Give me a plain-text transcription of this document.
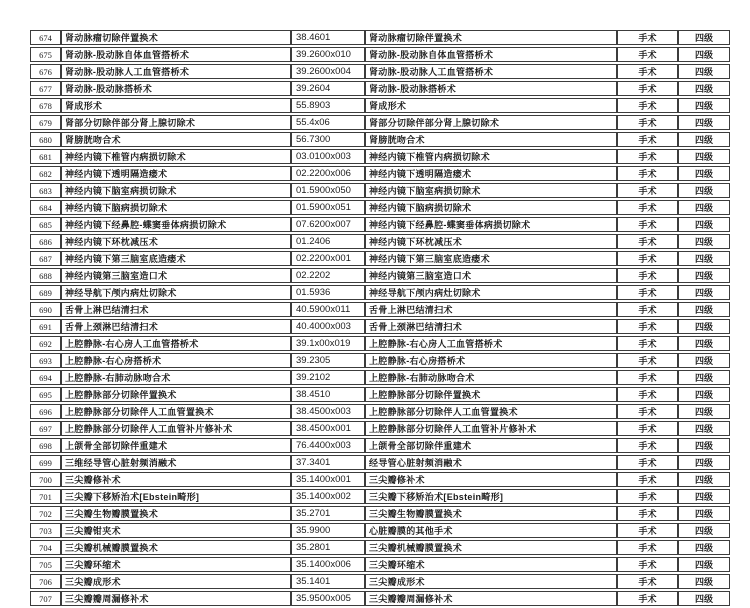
674	肾动脉瘤切除伴置换术	38.4601	肾动脉瘤切除伴置换术	手术	四级
675	肾动脉-股动脉自体血管搭桥术	39.2600x010	肾动脉-股动脉自体血管搭桥术	手术	四级
676	肾动脉-股动脉人工血管搭桥术	39.2600x004	肾动脉-股动脉人工血管搭桥术	手术	四级
677	肾动脉-股动脉搭桥术	39.2604	肾动脉-股动脉搭桥术	手术	四级
678	肾成形术	55.8903	肾成形术	手术	四级
679	肾部分切除伴部分肾上腺切除术	55.4x06	肾部分切除伴部分肾上腺切除术	手术	四级
680	肾膀胱吻合术	56.7300	肾膀胱吻合术	手术	四级
681	神经内镜下椎管内病损切除术	03.0100x003	神经内镜下椎管内病损切除术	手术	四级
682	神经内镜下透明隔造瘘术	02.2200x006	神经内镜下透明隔造瘘术	手术	四级
683	神经内镜下脑室病损切除术	01.5900x050	神经内镜下脑室病损切除术	手术	四级
684	神经内镜下脑病损切除术	01.5900x051	神经内镜下脑病损切除术	手术	四级
685	神经内镜下经鼻腔-蝶窦垂体病损切除术	07.6200x007	神经内镜下经鼻腔-蝶窦垂体病损切除术	手术	四级
686	神经内镜下环枕减压术	01.2406	神经内镜下环枕减压术	手术	四级
687	神经内镜下第三脑室底造瘘术	02.2200x001	神经内镜下第三脑室底造瘘术	手术	四级
688	神经内镜第三脑室造口术	02.2202	神经内镜第三脑室造口术	手术	四级
689	神经导航下颅内病灶切除术	01.5936	神经导航下颅内病灶切除术	手术	四级
690	舌骨上淋巴结清扫术	40.5900x011	舌骨上淋巴结清扫术	手术	四级
691	舌骨上颈淋巴结清扫术	40.4000x003	舌骨上颈淋巴结清扫术	手术	四级
692	上腔静脉-右心房人工血管搭桥术	39.1x00x019	上腔静脉-右心房人工血管搭桥术	手术	四级
693	上腔静脉-右心房搭桥术	39.2305	上腔静脉-右心房搭桥术	手术	四级
694	上腔静脉-右肺动脉吻合术	39.2102	上腔静脉-右肺动脉吻合术	手术	四级
695	上腔静脉部分切除伴置换术	38.4510	上腔静脉部分切除伴置换术	手术	四级
696	上腔静脉部分切除伴人工血管置换术	38.4500x003	上腔静脉部分切除伴人工血管置换术	手术	四级
697	上腔静脉部分切除伴人工血管补片修补术	38.4500x001	上腔静脉部分切除伴人工血管补片修补术	手术	四级
698	上颌骨全部切除伴重建术	76.4400x003	上颌骨全部切除伴重建术	手术	四级
699	三维经导管心脏射频消融术	37.3401	经导管心脏射频消融术	手术	四级
700	三尖瓣修补术	35.1400x001	三尖瓣修补术	手术	四级
701	三尖瓣下移矫治术[Ebstein畸形]	35.1400x002	三尖瓣下移矫治术[Ebstein畸形]	手术	四级
702	三尖瓣生物瓣膜置换术	35.2701	三尖瓣生物瓣膜置换术	手术	四级
703	三尖瓣钳夹术	35.9900	心脏瓣膜的其他手术	手术	四级
704	三尖瓣机械瓣膜置换术	35.2801	三尖瓣机械瓣膜置换术	手术	四级
705	三尖瓣环缩术	35.1400x006	三尖瓣环缩术	手术	四级
706	三尖瓣成形术	35.1401	三尖瓣成形术	手术	四级
707	三尖瓣瓣周漏修补术	35.9500x005	三尖瓣瓣周漏修补术	手术	四级
